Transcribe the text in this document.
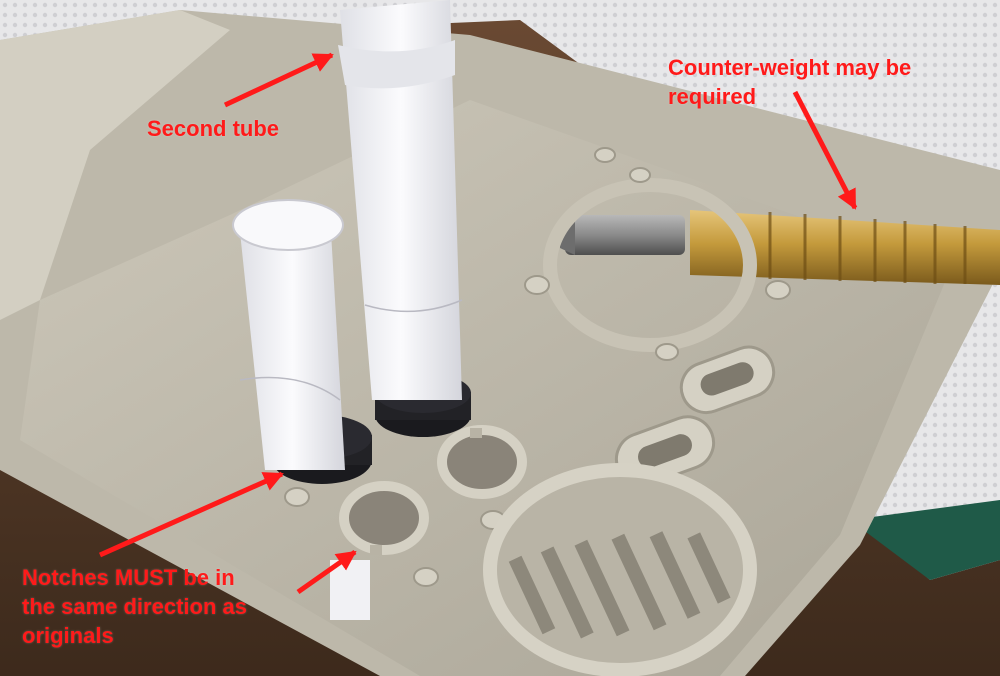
Second tube
Counter-weight may be
required
Notches MUST be in
the same direction as
originals
